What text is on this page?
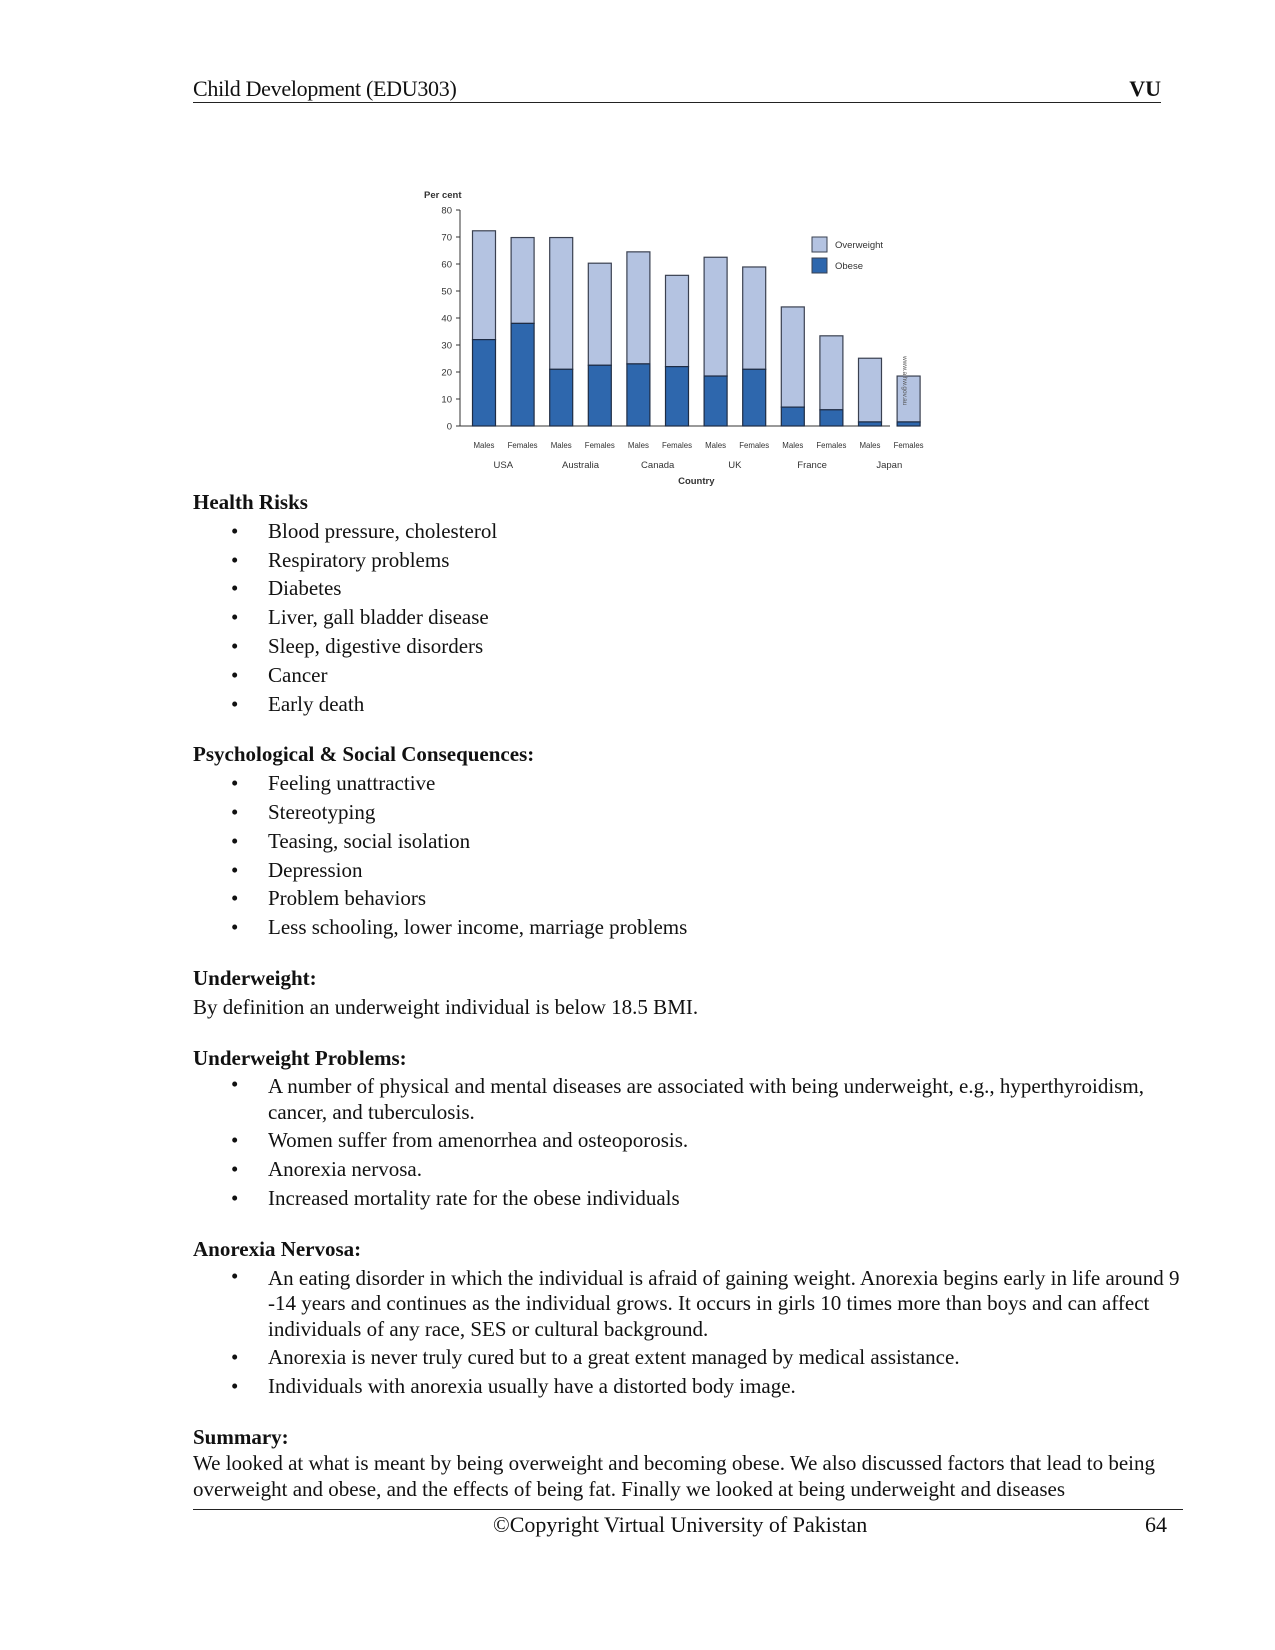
Child Development (EDU303)	VU
Per cent
0
10
20
30
40
50
60
70
80
Males Females Males Females Males Females Males Females Males Females Males Females
USA	Australia	Canada	UK	France	Japan
Country
Overweight
Obese
www.aihw.gov.au

Health Risks

• Blood pressure, cholesterol
• Respiratory problems
• Diabetes
• Liver, gall bladder disease
• Sleep, digestive disorders
• Cancer
• Early death

Psychological & Social Consequences:

• Feeling unattractive
• Stereotyping
• Teasing, social isolation
• Depression
• Problem behaviors
• Less schooling, lower income, marriage problems

Underweight:

By definition an underweight individual is below 18.5 BMI.

Underweight Problems:

• A number of physical and mental diseases are associated with being underweight, e.g., hyperthyroidism, cancer, and tuberculosis.
• Women suffer from amenorrhea and osteoporosis.
• Anorexia nervosa.
• Increased mortality rate for the obese individuals

Anorexia Nervosa:

• An eating disorder in which the individual is afraid of gaining weight. Anorexia begins early in life around 9 -14 years and continues as the individual grows. It occurs in girls 10 times more than boys and can affect individuals of any race, SES or cultural background.
• Anorexia is never truly cured but to a great extent managed by medical assistance.
• Individuals with anorexia usually have a distorted body image.

Summary:

We looked at what is meant by being overweight and becoming obese. We also discussed factors that lead to being overweight and obese, and the effects of being fat. Finally we looked at being underweight and diseases

©Copyright Virtual University of Pakistan	64
